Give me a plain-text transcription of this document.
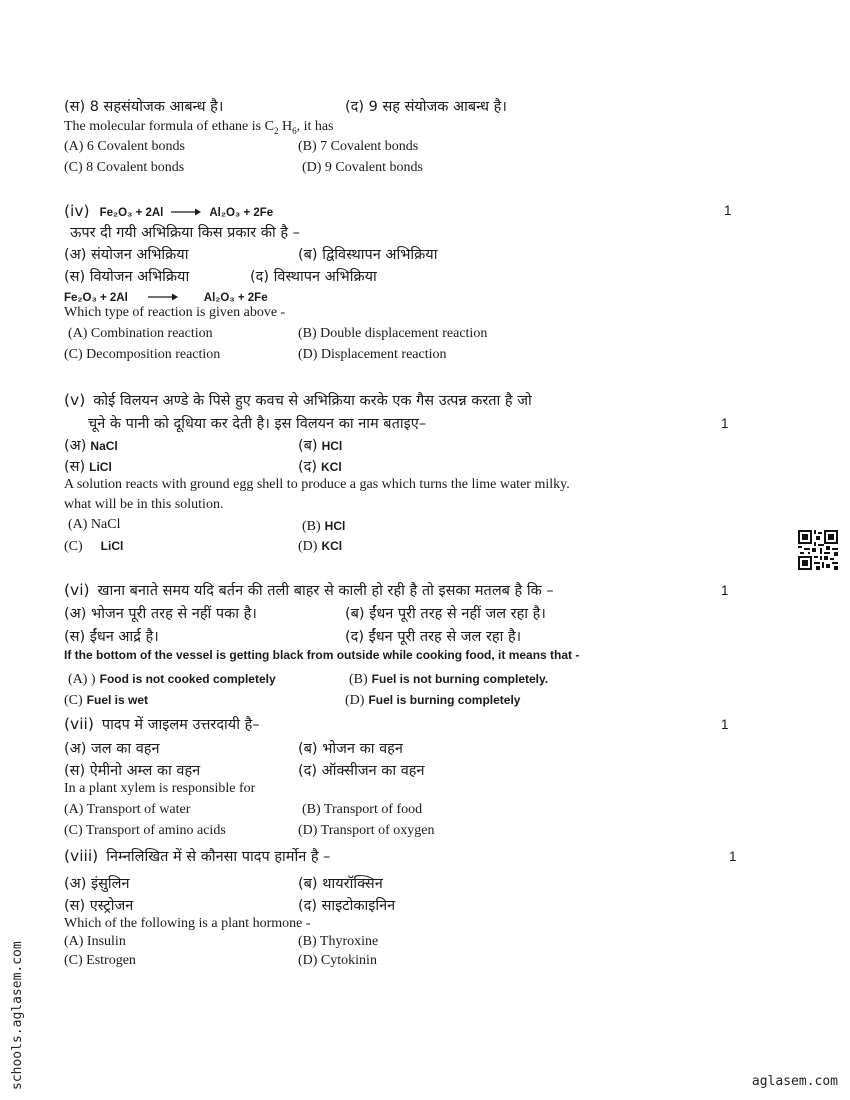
(स) 8 सहसंयोजक आबन्ध है।	(द) 9 सह संयोजक आबन्ध है।
The molecular formula of ethane is $C_2$ $H_6$, it has
(A) 6 Covalent bonds	(B) 7 Covalent bonds
(C) 8 Covalent bonds	(D) 9 Covalent bonds
(iv) Fe₂O₃ + 2Al → Al₂O₃ + 2Fe	1
ऊपर दी गयी अभिक्रिया किस प्रकार की है –
(अ) संयोजन अभिक्रिया	(ब) द्विविस्थापन अभिक्रिया
(स) वियोजन अभिक्रिया	(द) विस्थापन अभिक्रिया
Fe₂O₃ + 2Al → Al₂O₃ + 2Fe
Which type of reaction is given above -
(A) Combination reaction	(B) Double displacement reaction
(C) Decomposition reaction	(D) Displacement reaction
(v) कोई विलयन अण्डे के पिसे हुए कवच से अभिक्रिया करके एक गैस उत्पन्न करता है जो
चूने के पानी को दूधिया कर देती है। इस विलयन का नाम बताइए–	1
(अ) NaCl	(ब) HCl
(स) LiCl	(द) KCl
A solution reacts with ground egg shell to produce a gas which turns the lime water milky.
what will be in this solution.
(A) NaCl	(B) HCl
(C) LiCl	(D) KCl
(vi) खाना बनाते समय यदि बर्तन की तली बाहर से काली हो रही है तो इसका मतलब है कि –	1
(अ) भोजन पूरी तरह से नहीं पका है।	(ब) ईंधन पूरी तरह से नहीं जल रहा है।
(स) ईंधन आर्द्र है।	(द) ईंधन पूरी तरह से जल रहा है।
If the bottom of the vessel is getting black from outside while cooking food, it means that -
(A) ) Food is not cooked completely	(B) Fuel is not burning completely.
(C) Fuel is wet	(D) Fuel is burning completely
(vii) पादप में जाइलम उत्तरदायी है–	1
(अ) जल का वहन	(ब) भोजन का वहन
(स) ऐमीनो अम्ल का वहन	(द) ऑक्सीजन का वहन
In a plant xylem is responsible for
(A) Transport of water	(B) Transport of food
(C) Transport of amino acids	(D) Transport of oxygen
(viii) निम्नलिखित में से कौनसा पादप हार्मोन है –	1
(अ) इंसुलिन	(ब) थायरॉक्सिन
(स) एस्ट्रोजन	(द) साइटोकाइनिन
Which of the following is a plant hormone -
(A) Insulin	(B) Thyroxine
(C) Estrogen	(D) Cytokinin
schools.aglasem.com	aglasem.com
